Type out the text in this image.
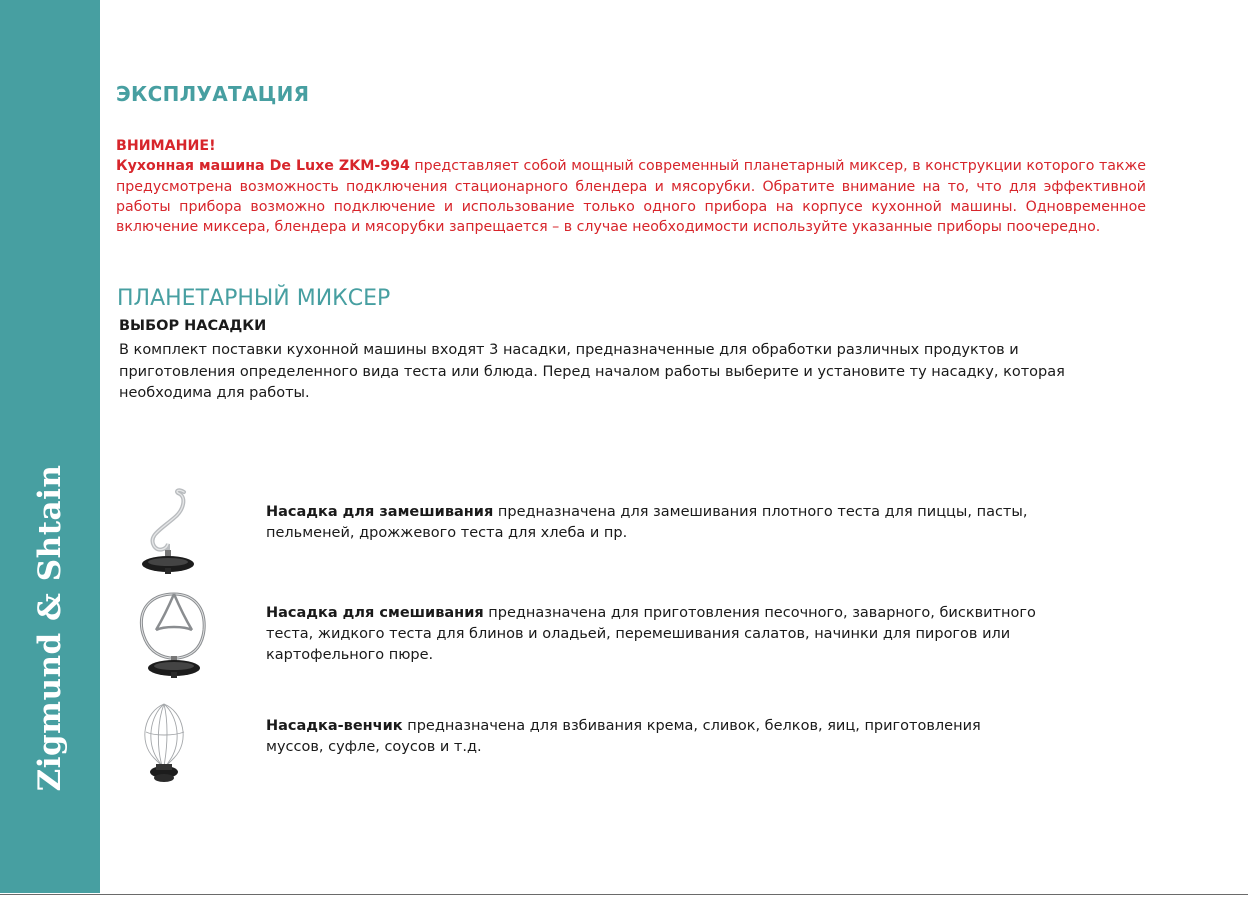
Zigmund & Shtain
ЭКСПЛУАТАЦИЯ
ВНИМАНИЕ!
Кухонная машина De Luxe ZKM-994 представляет собой мощный современный планетарный миксер, в конструкции которого также предусмотрена возможность подключения стационарного блендера и мясорубки. Обратите внимание на то, что для эффективной работы прибора возможно подключение и использование только одного прибора на корпусе кухонной машины. Одновременное включение миксера, блендера и мясорубки запрещается – в случае необходимости используйте указанные приборы поочередно.
ПЛАНЕТАРНЫЙ МИКСЕР
ВЫБОР НАСАДКИ
В комплект поставки кухонной машины входят 3 насадки, предназначенные для обработки различных продуктов и приготовления определенного вида теста или блюда. Перед началом работы выберите и установите ту насадку, которая необходима для работы.
Насадка для замешивания предназначена для замешивания плотного теста для пиццы, пасты, пельменей, дрожжевого теста для хлеба и пр.
Насадка для смешивания предназначена для приготовления песочного, заварного, бисквитного теста, жидкого теста для блинов и оладьей, перемешивания салатов, начинки для пирогов или картофельного пюре.
Насадка-венчик предназначена для взбивания крема, сливок, белков, яиц, приготовления муссов, суфле, соусов и т.д.
